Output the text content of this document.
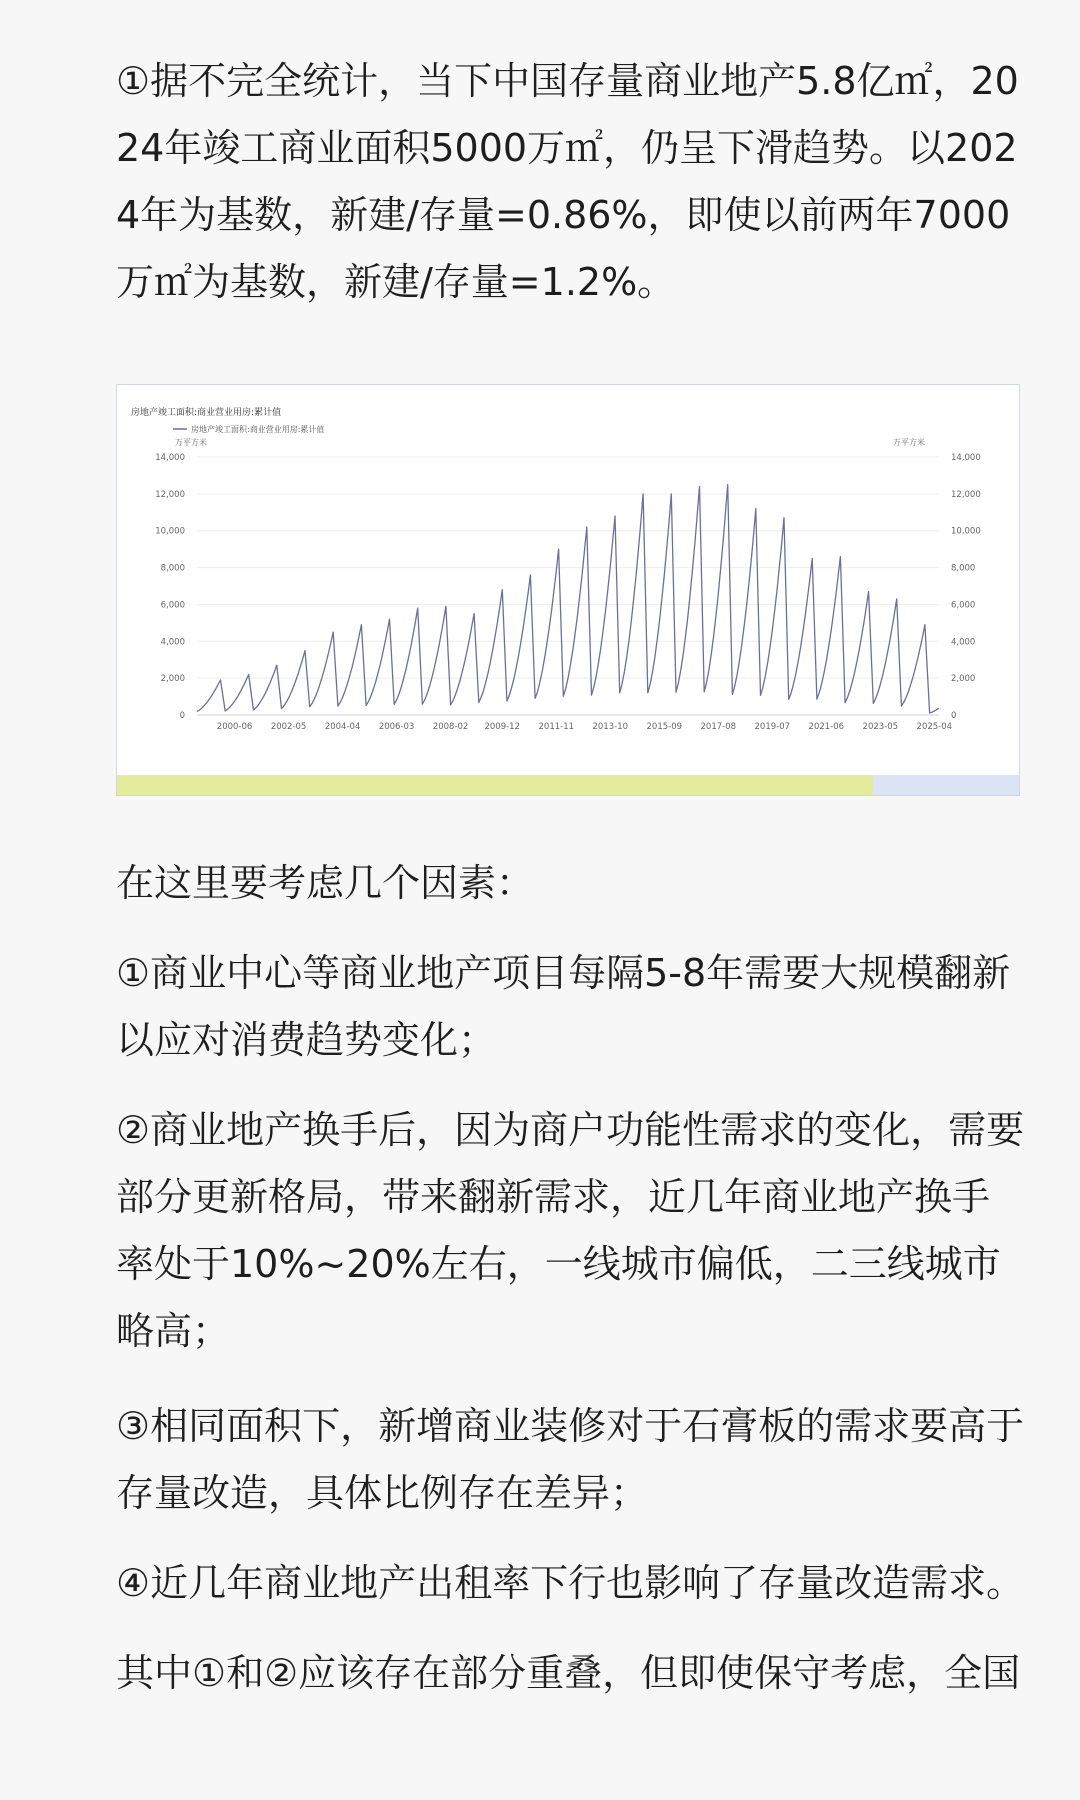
①据不完全统计，当下中国存量商业地产5.8亿㎡，2024年竣工商业面积5000万㎡，仍呈下滑趋势。以2024年为基数，新建/存量=0.86%，即使以前两年7000万㎡为基数，新建/存量=1.2%。

房地产竣工面积:商业营业用房:累计值
房地产竣工面积:商业营业用房:累计值
万平方米	万平方米
0
2,000
4,000
6,000
8,000
10,000
12,000
14,000
0
2,000
4,000
6,000
8,000
10,000
12,000
14,000
2000-06 2002-05 2004-04 2006-03 2008-02 2009-12 2011-11 2013-10 2015-09 2017-08 2019-07 2021-06 2023-05 2025-04

在这里要考虑几个因素：

①商业中心等商业地产项目每隔5-8年需要大规模翻新以应对消费趋势变化；

②商业地产换手后，因为商户功能性需求的变化，需要部分更新格局，带来翻新需求，近几年商业地产换手率处于10%~20%左右，一线城市偏低，二三线城市略高；

③相同面积下，新增商业装修对于石膏板的需求要高于存量改造，具体比例存在差异；

④近几年商业地产出租率下行也影响了存量改造需求。

其中①和②应该存在部分重叠，但即使保守考虑，全国
